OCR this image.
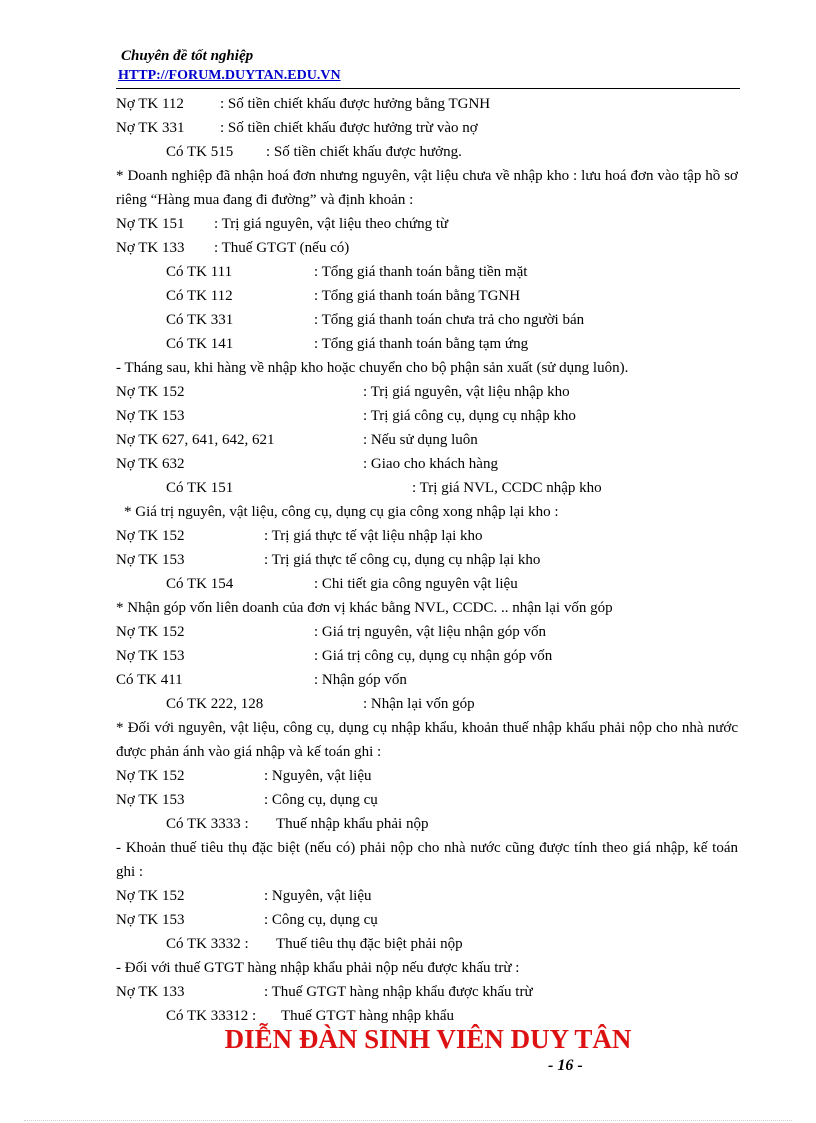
Chuyên đề tốt nghiệp
HTTP://FORUM.DUYTAN.EDU.VN
Nợ TK 112 : Số tiền chiết khấu được hưởng bằng TGNH
Nợ TK 331 : Số tiền chiết khấu được hưởng trừ vào nợ
Có TK 515 : Số tiền chiết khấu được hưởng.
* Doanh nghiệp đã nhận hoá đơn nhưng nguyên, vật liệu chưa về nhập kho : lưu hoá đơn vào tập hồ sơ riêng “Hàng mua đang đi đường” và định khoản :
Nợ TK 151 : Trị giá nguyên, vật liệu theo chứng từ
Nợ TK 133 : Thuế GTGT (nếu có)
Có TK 111	: Tổng giá thanh toán bằng tiền mặt
Có TK 112	: Tổng giá thanh toán bằng TGNH
Có TK 331	: Tổng giá thanh toán chưa trả cho người bán
Có TK 141	: Tổng giá thanh toán bằng tạm ứng
- Tháng sau, khi hàng về nhập kho hoặc chuyển cho bộ phận sản xuất (sử dụng luôn).
Nợ TK 152	: Trị giá nguyên, vật liệu nhập kho
Nợ TK 153	: Trị giá công cụ, dụng cụ nhập kho
Nợ TK 627, 641, 642, 621	: Nếu sử dụng luôn
Nợ TK 632	: Giao cho khách hàng
Có TK 151	: Trị giá NVL, CCDC nhập kho
* Giá trị nguyên, vật liệu, công cụ, dụng cụ gia công xong nhập lại kho :
Nợ TK 152	: Trị giá thực tế vật liệu nhập lại kho
Nợ TK 153	: Trị giá thực tế công cụ, dụng cụ nhập lại kho
Có TK 154	: Chi tiết gia công nguyên vật liệu
* Nhận góp vốn liên doanh của đơn vị khác bằng NVL, CCDC. .. nhận lại vốn góp
Nợ TK 152	: Giá trị nguyên, vật liệu nhận góp vốn
Nợ TK 153	: Giá trị công cụ, dụng cụ nhận góp vốn
Có TK 411	: Nhận góp vốn
Có TK 222, 128	: Nhận lại vốn góp
* Đối với nguyên, vật liệu, công cụ, dụng cụ nhập khẩu, khoản thuế nhập khẩu phải nộp cho nhà nước được phản ánh vào giá nhập và kế toán ghi :
Nợ TK 152	: Nguyên, vật liệu
Nợ TK 153	: Công cụ, dụng cụ
Có TK 3333 : Thuế nhập khẩu phải nộp
- Khoản thuế tiêu thụ đặc biệt (nếu có) phải nộp cho nhà nước cũng được tính theo giá nhập, kế toán ghi :
Nợ TK 152	: Nguyên, vật liệu
Nợ TK 153	: Công cụ, dụng cụ
Có TK 3332 : Thuế tiêu thụ đặc biệt phải nộp
- Đối với thuế GTGT hàng nhập khẩu phải nộp nếu được khấu trừ :
Nợ TK 133	: Thuế GTGT hàng nhập khẩu được khấu trừ
Có TK 33312 : Thuế GTGT hàng nhập khẩu
DIỄN ĐÀN SINH VIÊN DUY TÂN
- 16 -
